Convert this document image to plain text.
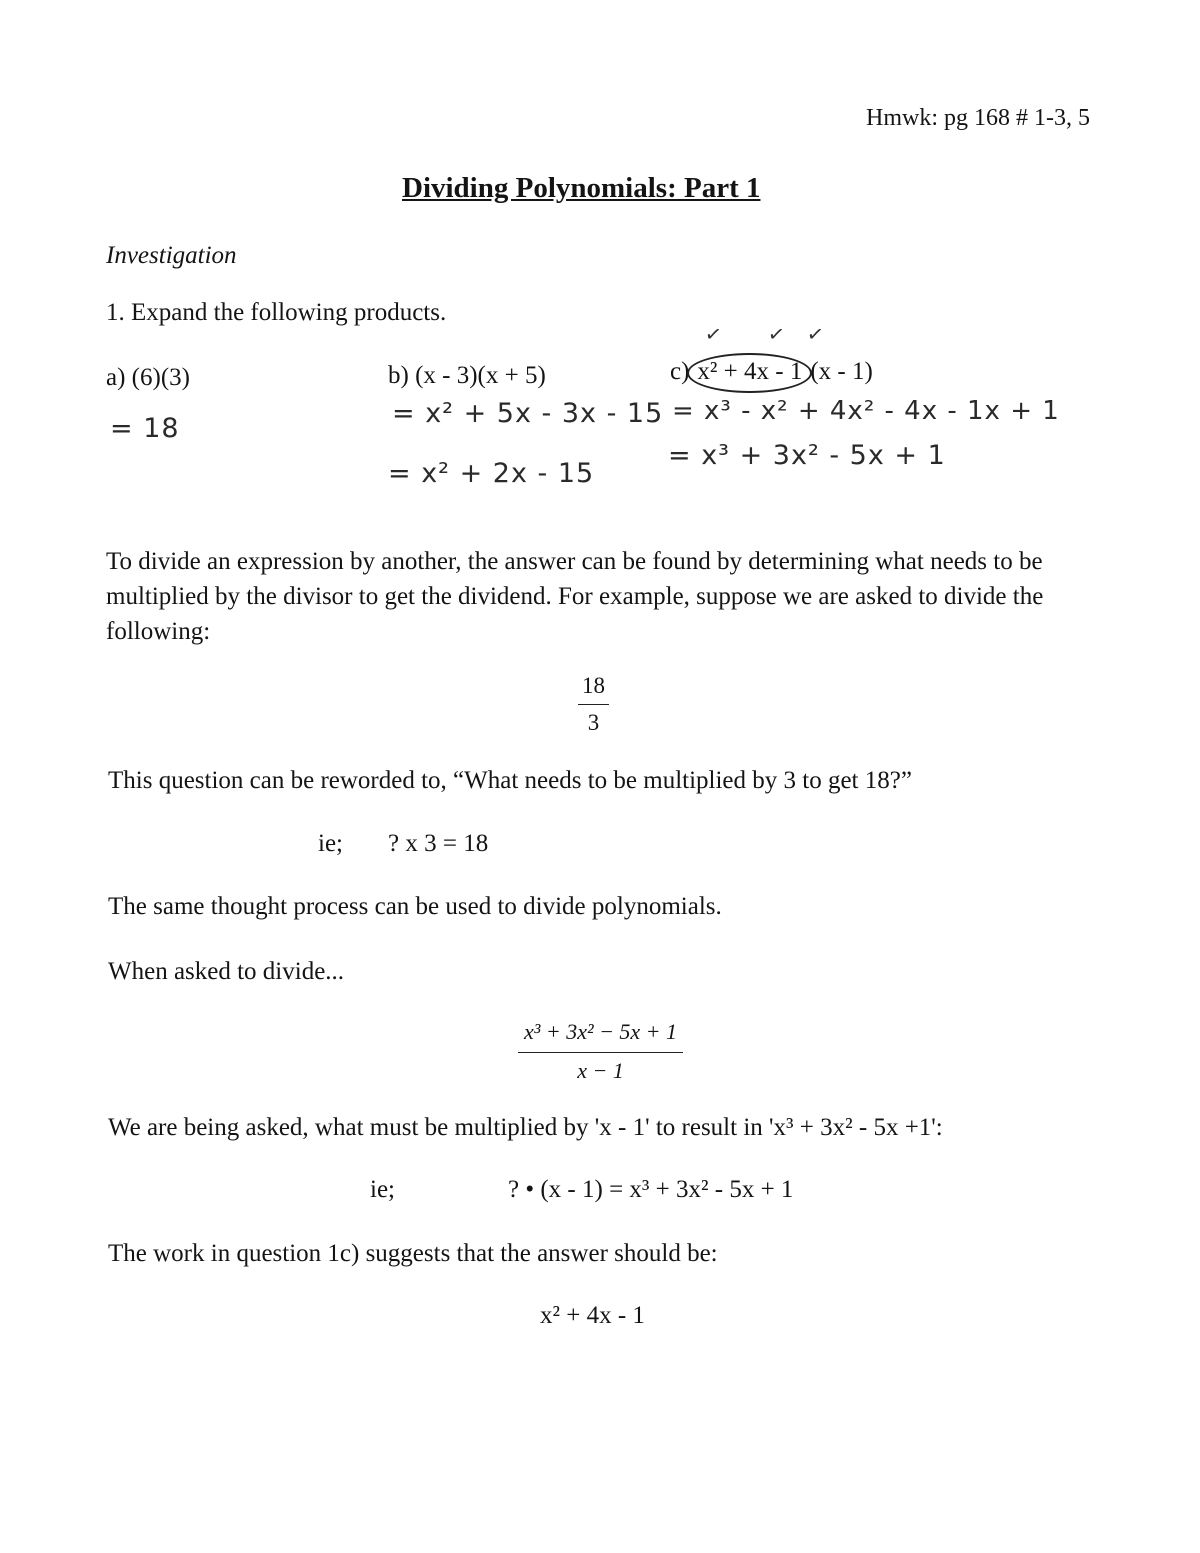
Hmwk: pg 168 # 1-3, 5
Dividing Polynomials: Part 1
Investigation
1. Expand the following products.
a) (6)(3)
= 18
b) (x - 3)(x + 5)
= x² + 5x - 3x - 15
= x² + 2x - 15
✓ ✓ ✓
c) x² + 4x - 1 (x - 1)
= x³ - x² + 4x² - 4x - 1x + 1
= x³ + 3x² - 5x + 1
To divide an expression by another, the answer can be found by determining what needs to be multiplied by the divisor to get the dividend. For example, suppose we are asked to divide the following:
$\frac{18}{3}$
This question can be reworded to, “What needs to be multiplied by 3 to get 18?”
ie; ? x 3 = 18
The same thought process can be used to divide polynomials.
When asked to divide...
$\frac{\text{x³ + 3x² − 5x + 1}}{x - 1}$
We are being asked, what must be multiplied by 'x - 1' to result in 'x³ + 3x² - 5x +1':
ie;	? • (x - 1) = x³ + 3x² - 5x + 1
The work in question 1c) suggests that the answer should be:
x² + 4x - 1
